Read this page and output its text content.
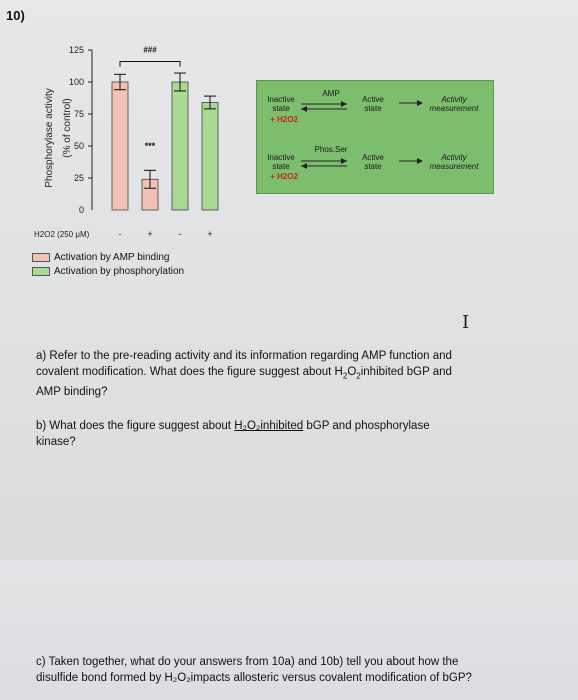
10)
0
25
50
75
100
125
Phosphorylase activity (% of control)	***
###
H2O2 (250 μM)	-	+	-	+
Inactive
state
AMP
Active
state
Activity
measurement
+ H2O2
Inactive
state
Phos.Ser
Active
state
Activity
measurement
+ H2O2
Activation by AMP binding
Activation by phosphorylation
I
a) Refer to the pre-reading activity and its information regarding AMP function and
covalent modification. What does the figure suggest about $H_2O_2inhibited$ bGP and
AMP binding?
b) What does the figure suggest about H₂O₂inhibited bGP and phosphorylase
kinase?
c) Taken together, what do your answers from 10a) and 10b) tell you about how the
disulfide bond formed by H₂O₂impacts allosteric versus covalent modification of bGP?
